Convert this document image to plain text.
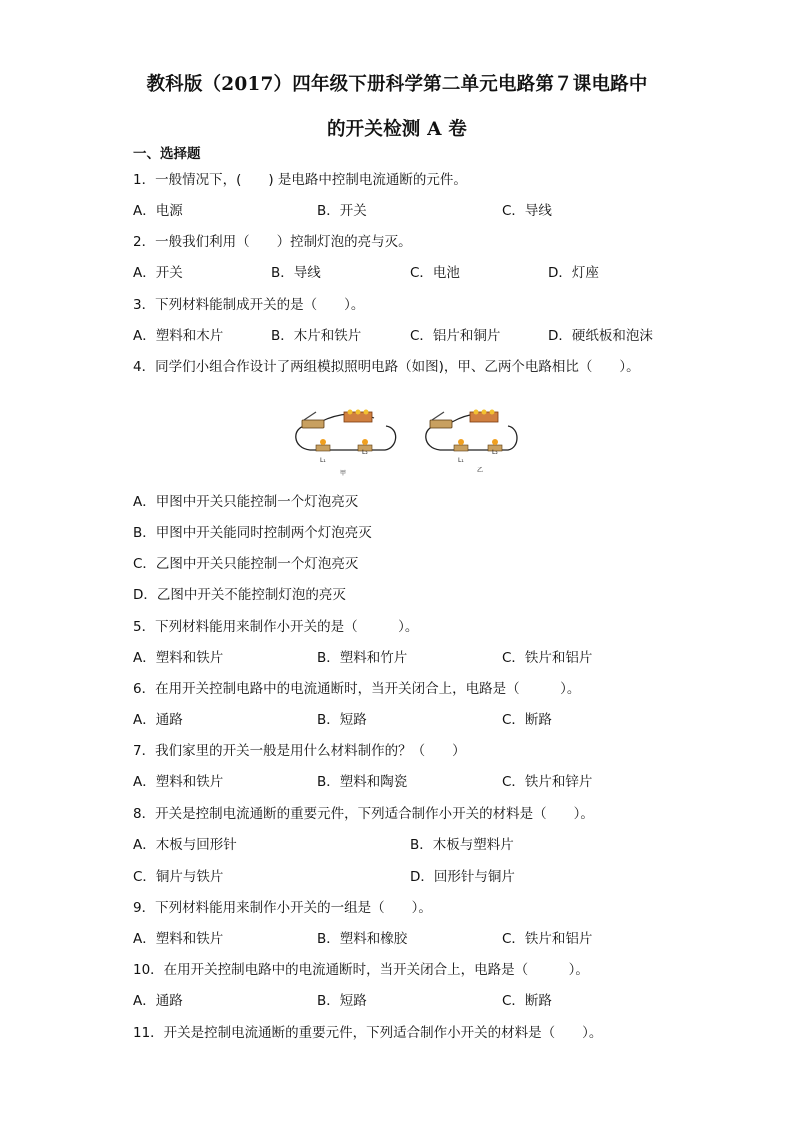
教科版（2017）四年级下册科学第二单元电路第７课电路中
的开关检测 A 卷
一、选择题
1．一般情况下，(　　) 是电路中控制电流通断的元件。
A．电源	B．开关	C．导线
2．一般我们利用（　　）控制灯泡的亮与灭。
A．开关	B．导线	C．电池	D．灯座
3．下列材料能制成开关的是（　　）。
A．塑料和木片	B．木片和铁片	C．铝片和铜片	D．硬纸板和泡沫
4．同学们小组合作设计了两组模拟照明电路（如图)，甲、乙两个电路相比（　　）。
L₁
L₂
甲
L₁
L₂
乙
A．甲图中开关只能控制一个灯泡亮灭
B．甲图中开关能同时控制两个灯泡亮灭
C．乙图中开关只能控制一个灯泡亮灭
D．乙图中开关不能控制灯泡的亮灭
5．下列材料能用来制作小开关的是（　　　）。
A．塑料和铁片	B．塑料和竹片	C．铁片和铝片
6．在用开关控制电路中的电流通断时，当开关闭合上，电路是（　　　）。
A．通路	B．短路	C．断路
7．我们家里的开关一般是用什么材料制作的？（　　）
A．塑料和铁片	B．塑料和陶瓷	C．铁片和锌片
8．开关是控制电流通断的重要元件，下列适合制作小开关的材料是（　　）。
A．木板与回形针	B．木板与塑料片
C．铜片与铁片	D．回形针与铜片
9．下列材料能用来制作小开关的一组是（　　）。
A．塑料和铁片	B．塑料和橡胶	C．铁片和铝片
10．在用开关控制电路中的电流通断时，当开关闭合上，电路是（　　　）。
A．通路	B．短路	C．断路
11．开关是控制电流通断的重要元件，下列适合制作小开关的材料是（　　）。
